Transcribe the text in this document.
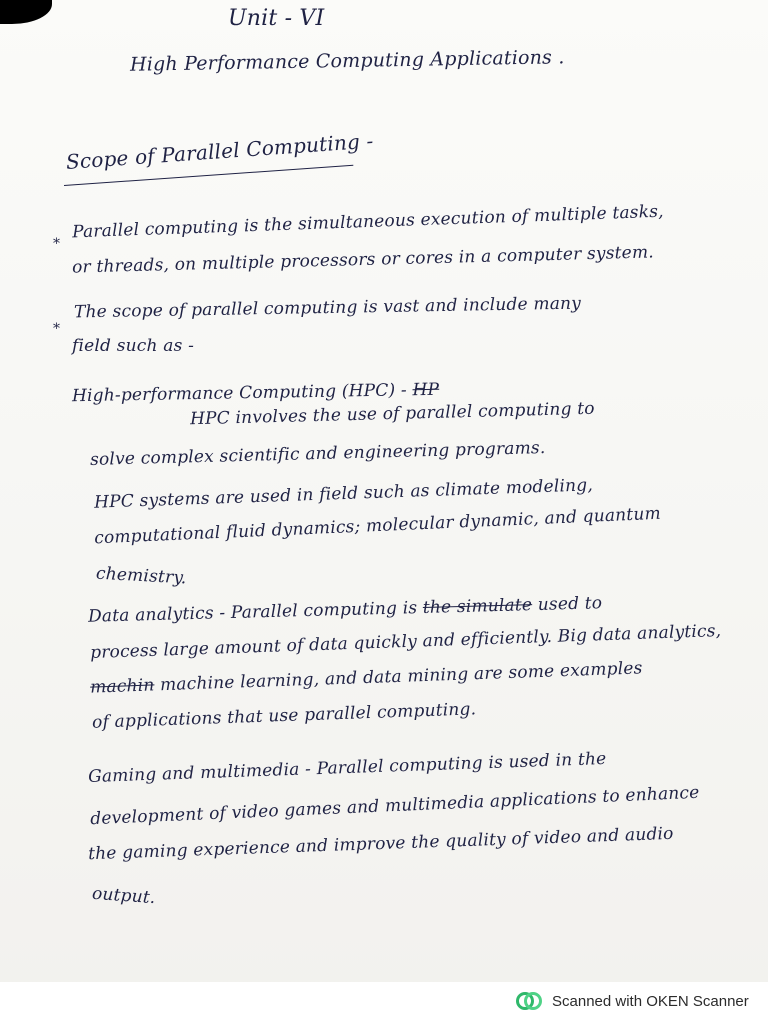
Unit - VI
High Performance Computing Applications .
Scope of Parallel Computing -
*
*
Parallel computing is the simultaneous execution of multiple tasks,
or threads, on multiple processors or cores in a computer system.
The scope of parallel computing is vast and include many
field such as -
High-performance Computing (HPC) - HP
HPC involves the use of parallel computing to
solve complex scientific and engineering programs.
HPC systems are used in field such as climate modeling,
computational fluid dynamics; molecular dynamic, and quantum
chemistry.
Data analytics - Parallel computing is the simulate used to
process large amount of data quickly and efficiently. Big data analytics,
machin machine learning, and data mining are some examples
of applications that use parallel computing.
Gaming and multimedia - Parallel computing is used in the
development of video games and multimedia applications to enhance
the gaming experience and improve the quality of video and audio
output.
Scanned with OKEN Scanner
